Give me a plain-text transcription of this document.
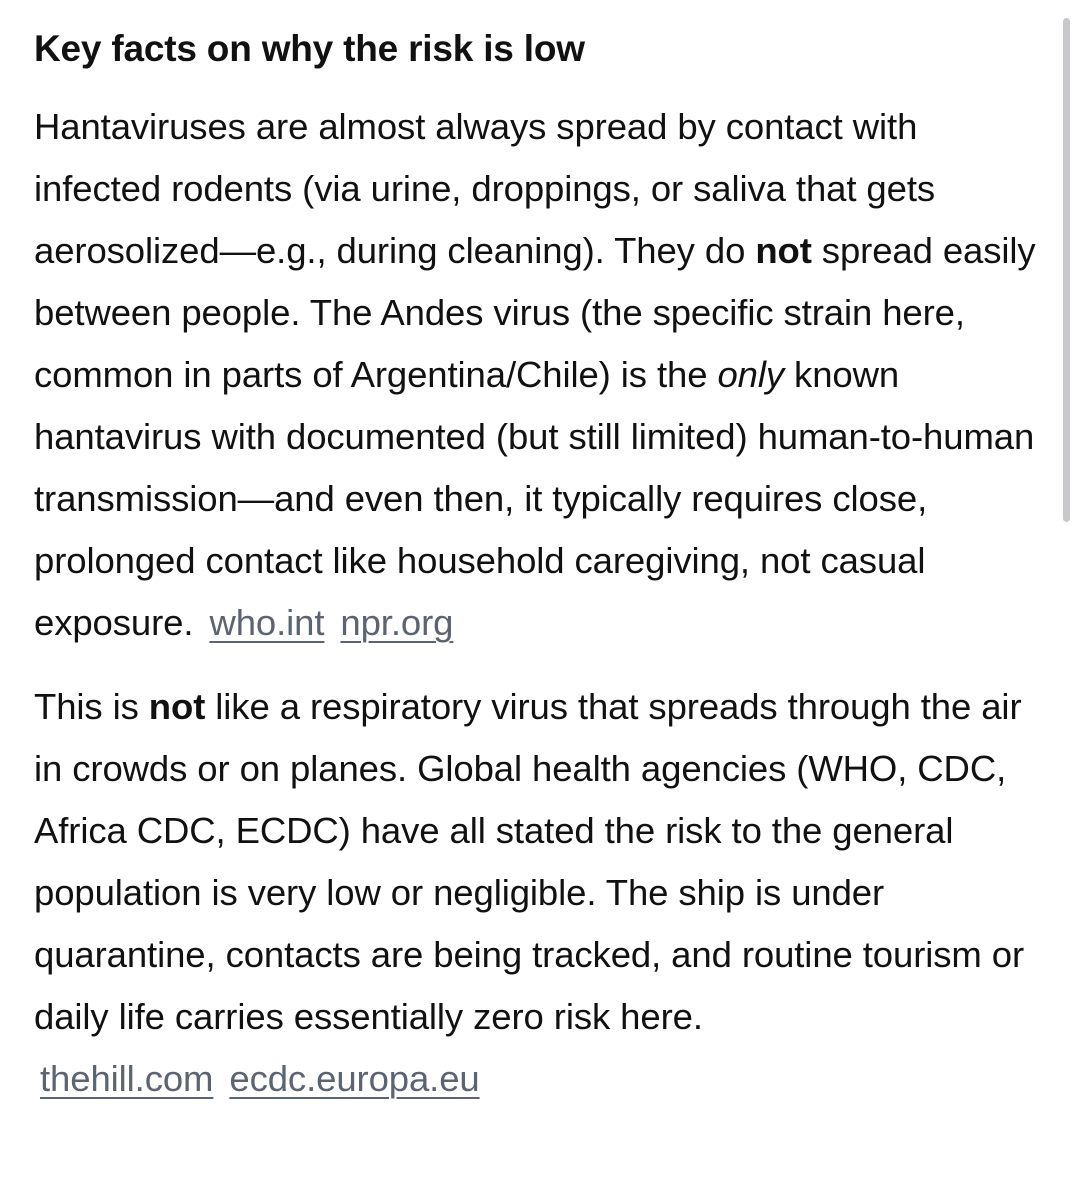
Key facts on why the risk is low
Hantaviruses are almost always spread by contact with infected rodents (via urine, droppings, or saliva that gets aerosolized—e.g., during cleaning). They do not spread easily between people. The Andes virus (the specific strain here, common in parts of Argentina/Chile) is the only known hantavirus with documented (but still limited) human-to-human transmission—and even then, it typically requires close, prolonged contact like household caregiving, not casual exposure. who.int npr.org
This is not like a respiratory virus that spreads through the air in crowds or on planes. Global health agencies (WHO, CDC, Africa CDC, ECDC) have all stated the risk to the general population is very low or negligible. The ship is under quarantine, contacts are being tracked, and routine tourism or daily life carries essentially zero risk here. thehill.com ecdc.europa.eu
